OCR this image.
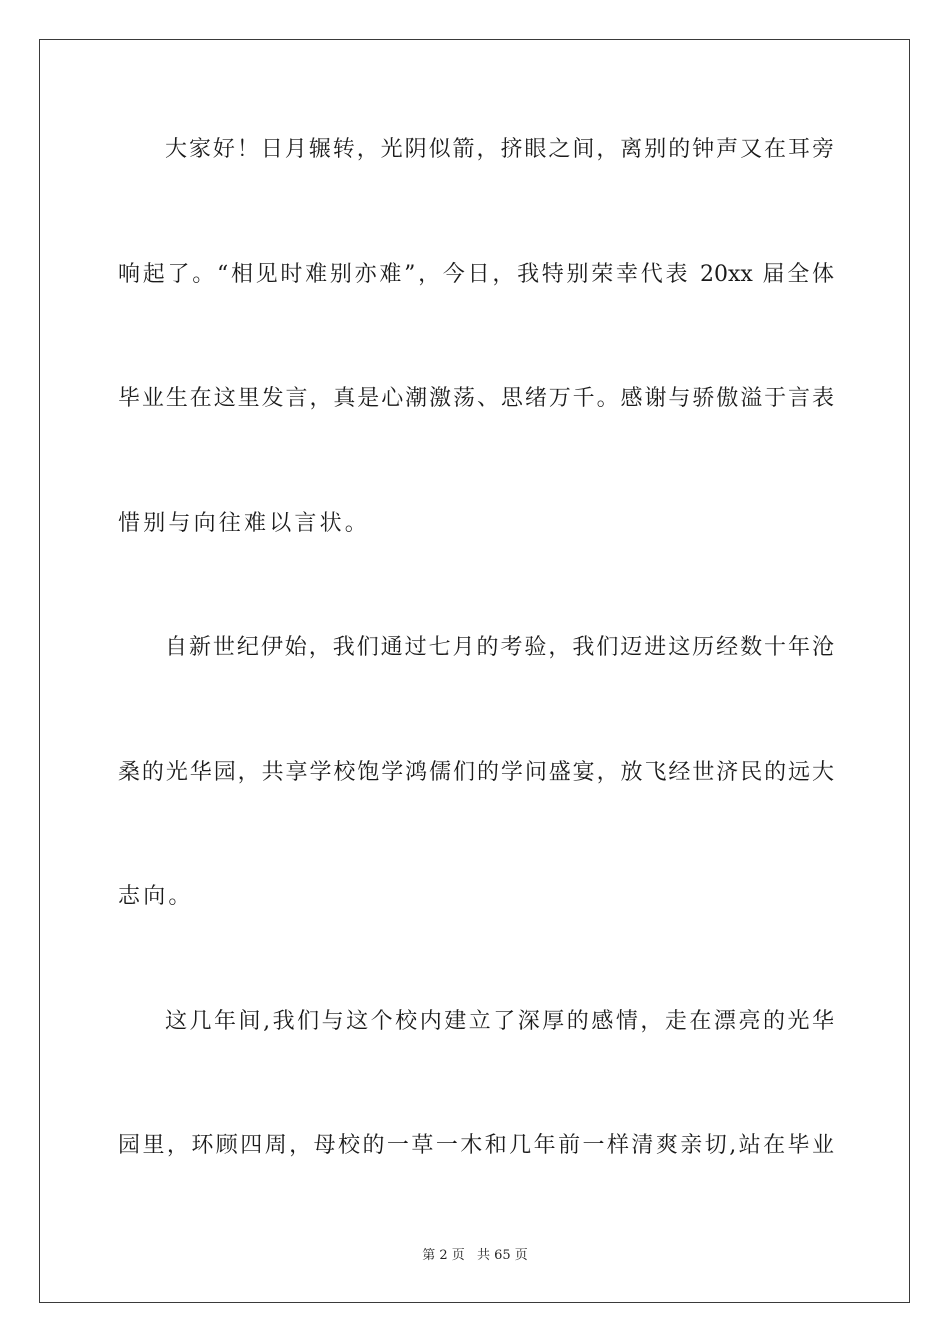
大家好！日月辗转，光阴似箭，挤眼之间，离别的钟声又在耳旁
响起了。“相见时难别亦难”，今日，我特别荣幸代表 20xx 届全体
毕业生在这里发言，真是心潮激荡、思绪万千。感谢与骄傲溢于言表
惜别与向往难以言状。
自新世纪伊始，我们通过七月的考验，我们迈进这历经数十年沧
桑的光华园，共享学校饱学鸿儒们的学问盛宴，放飞经世济民的远大
志向。
这几年间,我们与这个校内建立了深厚的感情，走在漂亮的光华
园里，环顾四周，母校的一草一木和几年前一样清爽亲切,站在毕业
第 2 页 共 65 页
